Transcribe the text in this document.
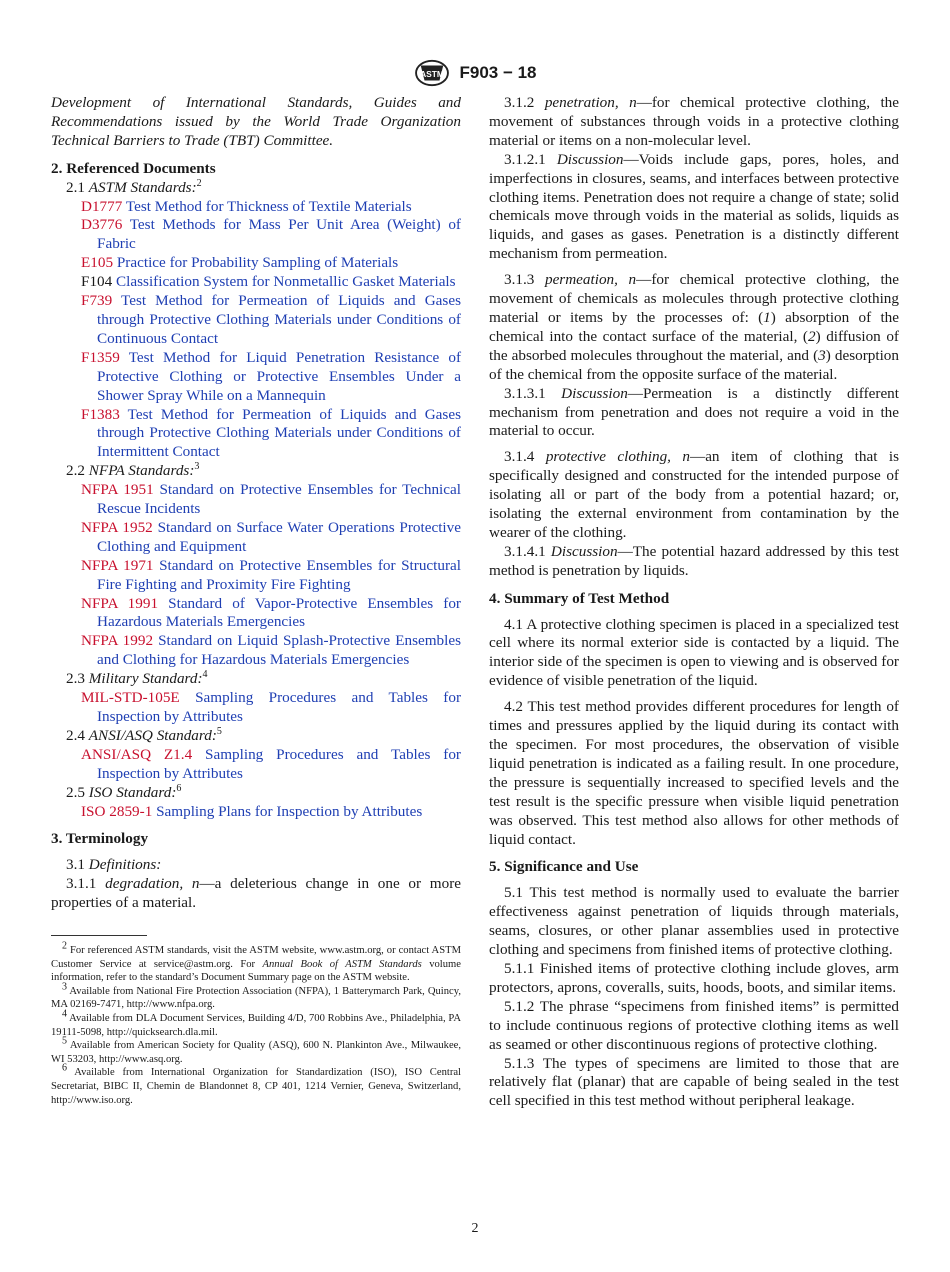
ASTM F903 − 18

Development of International Standards, Guides and Recommendations issued by the World Trade Organization Technical Barriers to Trade (TBT) Committee.

2. Referenced Documents

2.1 ASTM Standards:$^2$

D1777 Test Method for Thickness of Textile Materials
D3776 Test Methods for Mass Per Unit Area (Weight) of Fabric
E105 Practice for Probability Sampling of Materials
F104 Classification System for Nonmetallic Gasket Materials
F739 Test Method for Permeation of Liquids and Gases through Protective Clothing Materials under Conditions of Continuous Contact
F1359 Test Method for Liquid Penetration Resistance of Protective Clothing or Protective Ensembles Under a Shower Spray While on a Mannequin
F1383 Test Method for Permeation of Liquids and Gases through Protective Clothing Materials under Conditions of Intermittent Contact

2.2 NFPA Standards:$^3$

NFPA 1951 Standard on Protective Ensembles for Technical Rescue Incidents
NFPA 1952 Standard on Surface Water Operations Protective Clothing and Equipment
NFPA 1971 Standard on Protective Ensembles for Structural Fire Fighting and Proximity Fire Fighting
NFPA 1991 Standard of Vapor-Protective Ensembles for Hazardous Materials Emergencies
NFPA 1992 Standard on Liquid Splash-Protective Ensembles and Clothing for Hazardous Materials Emergencies

2.3 Military Standard:$^4$

MIL-STD-105E Sampling Procedures and Tables for Inspection by Attributes

2.4 ANSI/ASQ Standard:$^5$

ANSI/ASQ Z1.4 Sampling Procedures and Tables for Inspection by Attributes

2.5 ISO Standard:$^6$

ISO 2859-1 Sampling Plans for Inspection by Attributes
3. Terminology

3.1 Definitions:

3.1.1 degradation, n—a deleterious change in one or more properties of a material.

$^2$ For referenced ASTM standards, visit the ASTM website, www.astm.org, or contact ASTM Customer Service at service@astm.org. For Annual Book of ASTM Standards volume information, refer to the standard’s Document Summary page on the ASTM website.

$^3$ Available from National Fire Protection Association (NFPA), 1 Batterymarch Park, Quincy, MA 02169-7471, http://www.nfpa.org.

$^4$ Available from DLA Document Services, Building 4/D, 700 Robbins Ave., Philadelphia, PA 19111-5098, http://quicksearch.dla.mil.

$^5$ Available from American Society for Quality (ASQ), 600 N. Plankinton Ave., Milwaukee, WI 53203, http://www.asq.org.

$^6$ Available from International Organization for Standardization (ISO), ISO Central Secretariat, BIBC II, Chemin de Blandonnet 8, CP 401, 1214 Vernier, Geneva, Switzerland, http://www.iso.org.

3.1.2 penetration, n—for chemical protective clothing, the movement of substances through voids in a protective clothing material or items on a non-molecular level.

3.1.2.1 Discussion—Voids include gaps, pores, holes, and imperfections in closures, seams, and interfaces between protective clothing items. Penetration does not require a change of state; solid chemicals move through voids in the material as solids, liquids as liquids, and gases as gases. Penetration is a distinctly different mechanism from permeation.

3.1.3 permeation, n—for chemical protective clothing, the movement of chemicals as molecules through protective clothing material or items by the processes of: (1) absorption of the chemical into the contact surface of the material, (2) diffusion of the absorbed molecules throughout the material, and (3) desorption of the chemical from the opposite surface of the material.

3.1.3.1 Discussion—Permeation is a distinctly different mechanism from penetration and does not require a void in the material to occur.

3.1.4 protective clothing, n—an item of clothing that is specifically designed and constructed for the intended purpose of isolating all or part of the body from a potential hazard; or, isolating the external environment from contamination by the wearer of the clothing.

3.1.4.1 Discussion—The potential hazard addressed by this test method is penetration by liquids.

4. Summary of Test Method

4.1 A protective clothing specimen is placed in a specialized test cell where its normal exterior side is contacted by a liquid. The interior side of the specimen is open to viewing and is observed for evidence of visible penetration of the liquid.

4.2 This test method provides different procedures for length of times and pressures applied by the liquid during its contact with the specimen. For most procedures, the observation of visible liquid penetration is indicated as a failing result. In one procedure, the pressure is sequentially increased to specified levels and the test result is the specific pressure when visible liquid penetration was observed. This test method also allows for other methods of liquid contact.

5. Significance and Use

5.1 This test method is normally used to evaluate the barrier effectiveness against penetration of liquids through materials, seams, closures, or other planar assemblies used in protective clothing and specimens from finished items of protective clothing.

5.1.1 Finished items of protective clothing include gloves, arm protectors, aprons, coveralls, suits, hoods, boots, and similar items.

5.1.2 The phrase “specimens from finished items” is permitted to include continuous regions of protective clothing items as well as seamed or other discontinuous regions of protective clothing.

5.1.3 The types of specimens are limited to those that are relatively flat (planar) that are capable of being sealed in the test cell specified in this test method without peripheral leakage.

2
